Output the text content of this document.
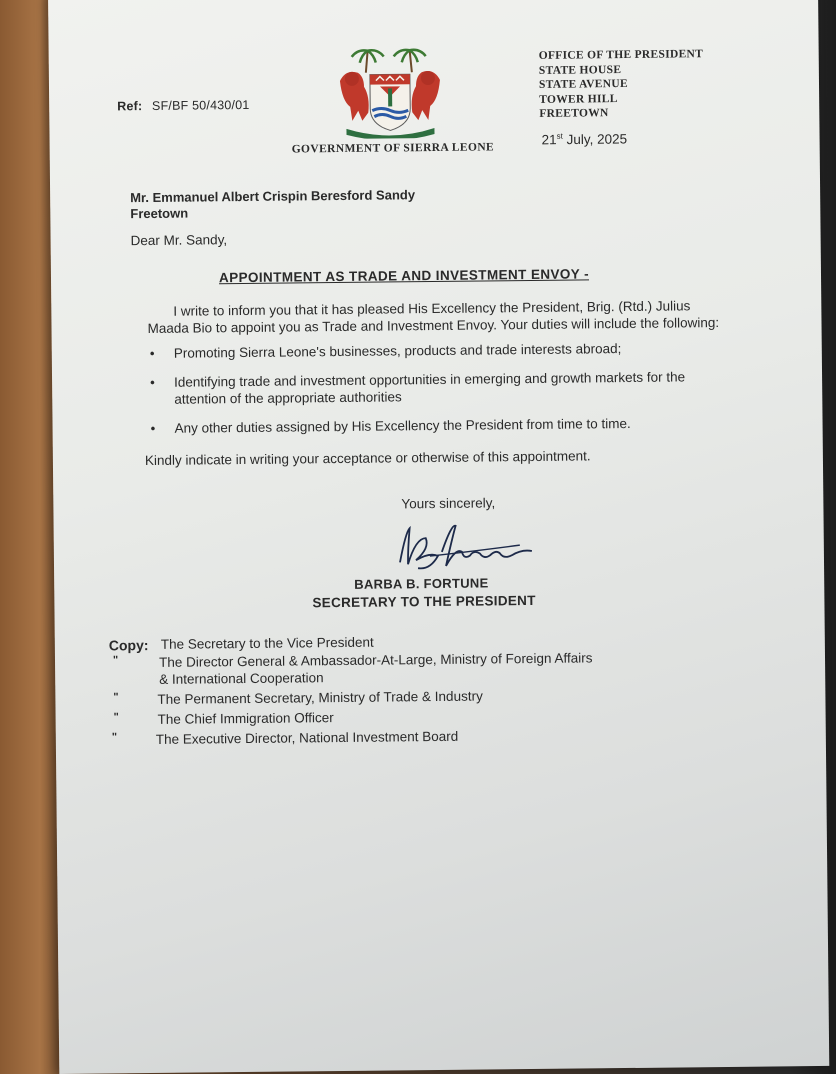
Ref: SF/BF 50/430/01
OFFICE OF THE PRESIDENT
STATE HOUSE
STATE AVENUE
TOWER HILL
FREETOWN
GOVERNMENT OF SIERRA LEONE
21st July, 2025
Mr. Emmanuel Albert Crispin Beresford Sandy
Freetown
Dear Mr. Sandy,
APPOINTMENT AS TRADE AND INVESTMENT ENVOY -
I write to inform you that it has pleased His Excellency the President, Brig. (Rtd.) Julius Maada Bio to appoint you as Trade and Investment Envoy. Your duties will include the following:
• Promoting Sierra Leone's businesses, products and trade interests abroad;
• Identifying trade and investment opportunities in emerging and growth markets for the attention of the appropriate authorities
• Any other duties assigned by His Excellency the President from time to time.
Kindly indicate in writing your acceptance or otherwise of this appointment.
Yours sincerely,
BARBA B. FORTUNE
SECRETARY TO THE PRESIDENT
Copy: The Secretary to the Vice President
"	The Director General & Ambassador-At-Large, Ministry of Foreign Affairs
& International Cooperation
"	The Permanent Secretary, Ministry of Trade & Industry
"	The Chief Immigration Officer
"	The Executive Director, National Investment Board
